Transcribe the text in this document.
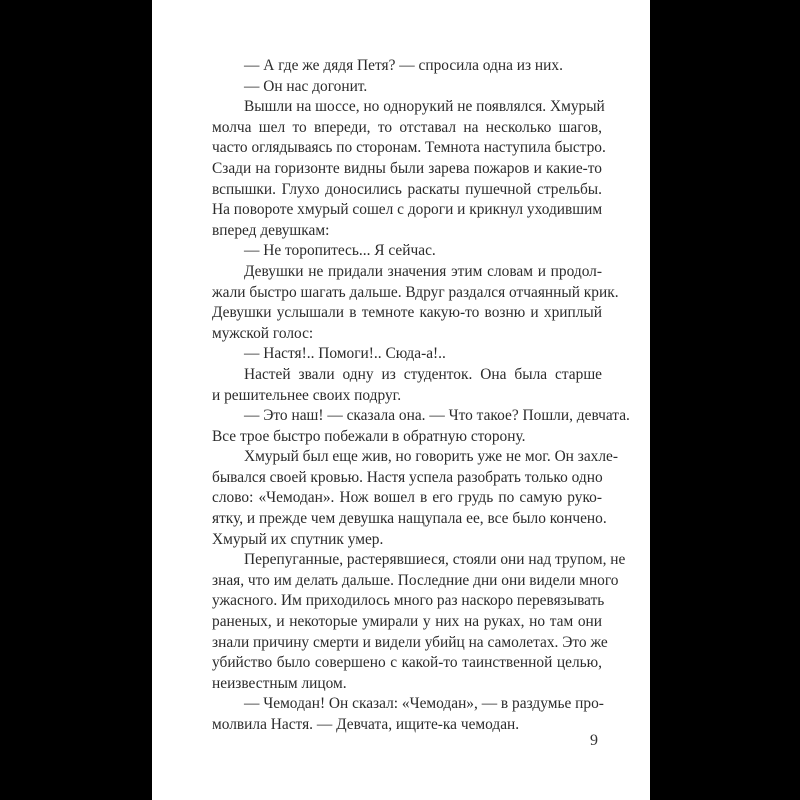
— А где же дядя Петя? — спросила одна из них.
— Он нас догонит.
Вышли на шоссе, но однорукий не появлялся. Хмурый
молча шел то впереди, то отставал на несколько шагов,
часто оглядываясь по сторонам. Темнота наступила быстро.
Сзади на горизонте видны были зарева пожаров и какие-то
вспышки. Глухо доносились раскаты пушечной стрельбы.
На повороте хмурый сошел с дороги и крикнул уходившим
вперед девушкам:
— Не торопитесь... Я сейчас.
Девушки не придали значения этим словам и продол-
жали быстро шагать дальше. Вдруг раздался отчаянный крик.
Девушки услышали в темноте какую-то возню и хриплый
мужской голос:
— Настя!.. Помоги!.. Сюда-а!..
Настей звали одну из студенток. Она была старше
и решительнее своих подруг.
— Это наш! — сказала она. — Что такое? Пошли, девчата.
Все трое быстро побежали в обратную сторону.
Хмурый был еще жив, но говорить уже не мог. Он захле-
бывался своей кровью. Настя успела разобрать только одно
слово: «Чемодан». Нож вошел в его грудь по самую руко-
ятку, и прежде чем девушка нащупала ее, все было кончено.
Хмурый их спутник умер.
Перепуганные, растерявшиеся, стояли они над трупом, не
зная, что им делать дальше. Последние дни они видели много
ужасного. Им приходилось много раз наскоро перевязывать
раненых, и некоторые умирали у них на руках, но там они
знали причину смерти и видели убийц на самолетах. Это же
убийство было совершено с какой-то таинственной целью,
неизвестным лицом.
— Чемодан! Он сказал: «Чемодан», — в раздумье про-
молвила Настя. — Девчата, ищите-ка чемодан.
9
